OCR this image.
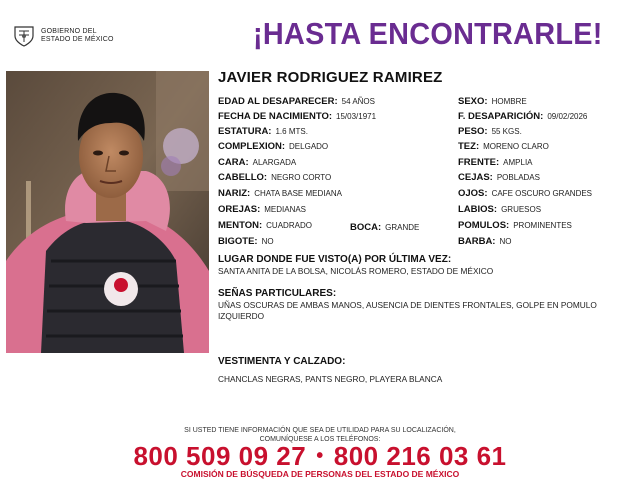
GOBIERNO DEL
ESTADO DE MÉXICO	¡HASTA ENCONTRARLE!
JAVIER RODRIGUEZ RAMIREZ
EDAD AL DESAPARECER: 54 AÑOS
FECHA DE NACIMIENTO: 15/03/1971
ESTATURA: 1.6 MTS.
COMPLEXION: DELGADO
CARA: ALARGADA
CABELLO: NEGRO CORTO
NARIZ: CHATA BASE MEDIANA
OREJAS: MEDIANAS
MENTON: CUADRADO	BOCA: GRANDE
BIGOTE: NO
SEXO: HOMBRE
F. DESAPARICIÓN: 09/02/2026
PESO: 55 KGS.
TEZ: MORENO CLARO
FRENTE: AMPLIA
CEJAS: POBLADAS
OJOS: CAFE OSCURO GRANDES
LABIOS: GRUESOS
POMULOS: PROMINENTES
BARBA: NO
LUGAR DONDE FUE VISTO(A) POR ÚLTIMA VEZ:
SANTA ANITA DE LA BOLSA, NICOLÁS ROMERO, ESTADO DE MÉXICO
SEÑAS PARTICULARES:
UÑAS OSCURAS DE AMBAS MANOS, AUSENCIA DE DIENTES FRONTALES, GOLPE EN POMULO IZQUIERDO
VESTIMENTA Y CALZADO:
CHANCLAS NEGRAS, PANTS NEGRO, PLAYERA BLANCA
SI USTED TIENE INFORMACIÓN QUE SEA DE UTILIDAD PARA SU LOCALIZACIÓN,
COMUNÍQUESE A LOS TELÉFONOS:
800 509 09 27 • 800 216 03 61
COMISIÓN DE BÚSQUEDA DE PERSONAS DEL ESTADO DE MÉXICO
